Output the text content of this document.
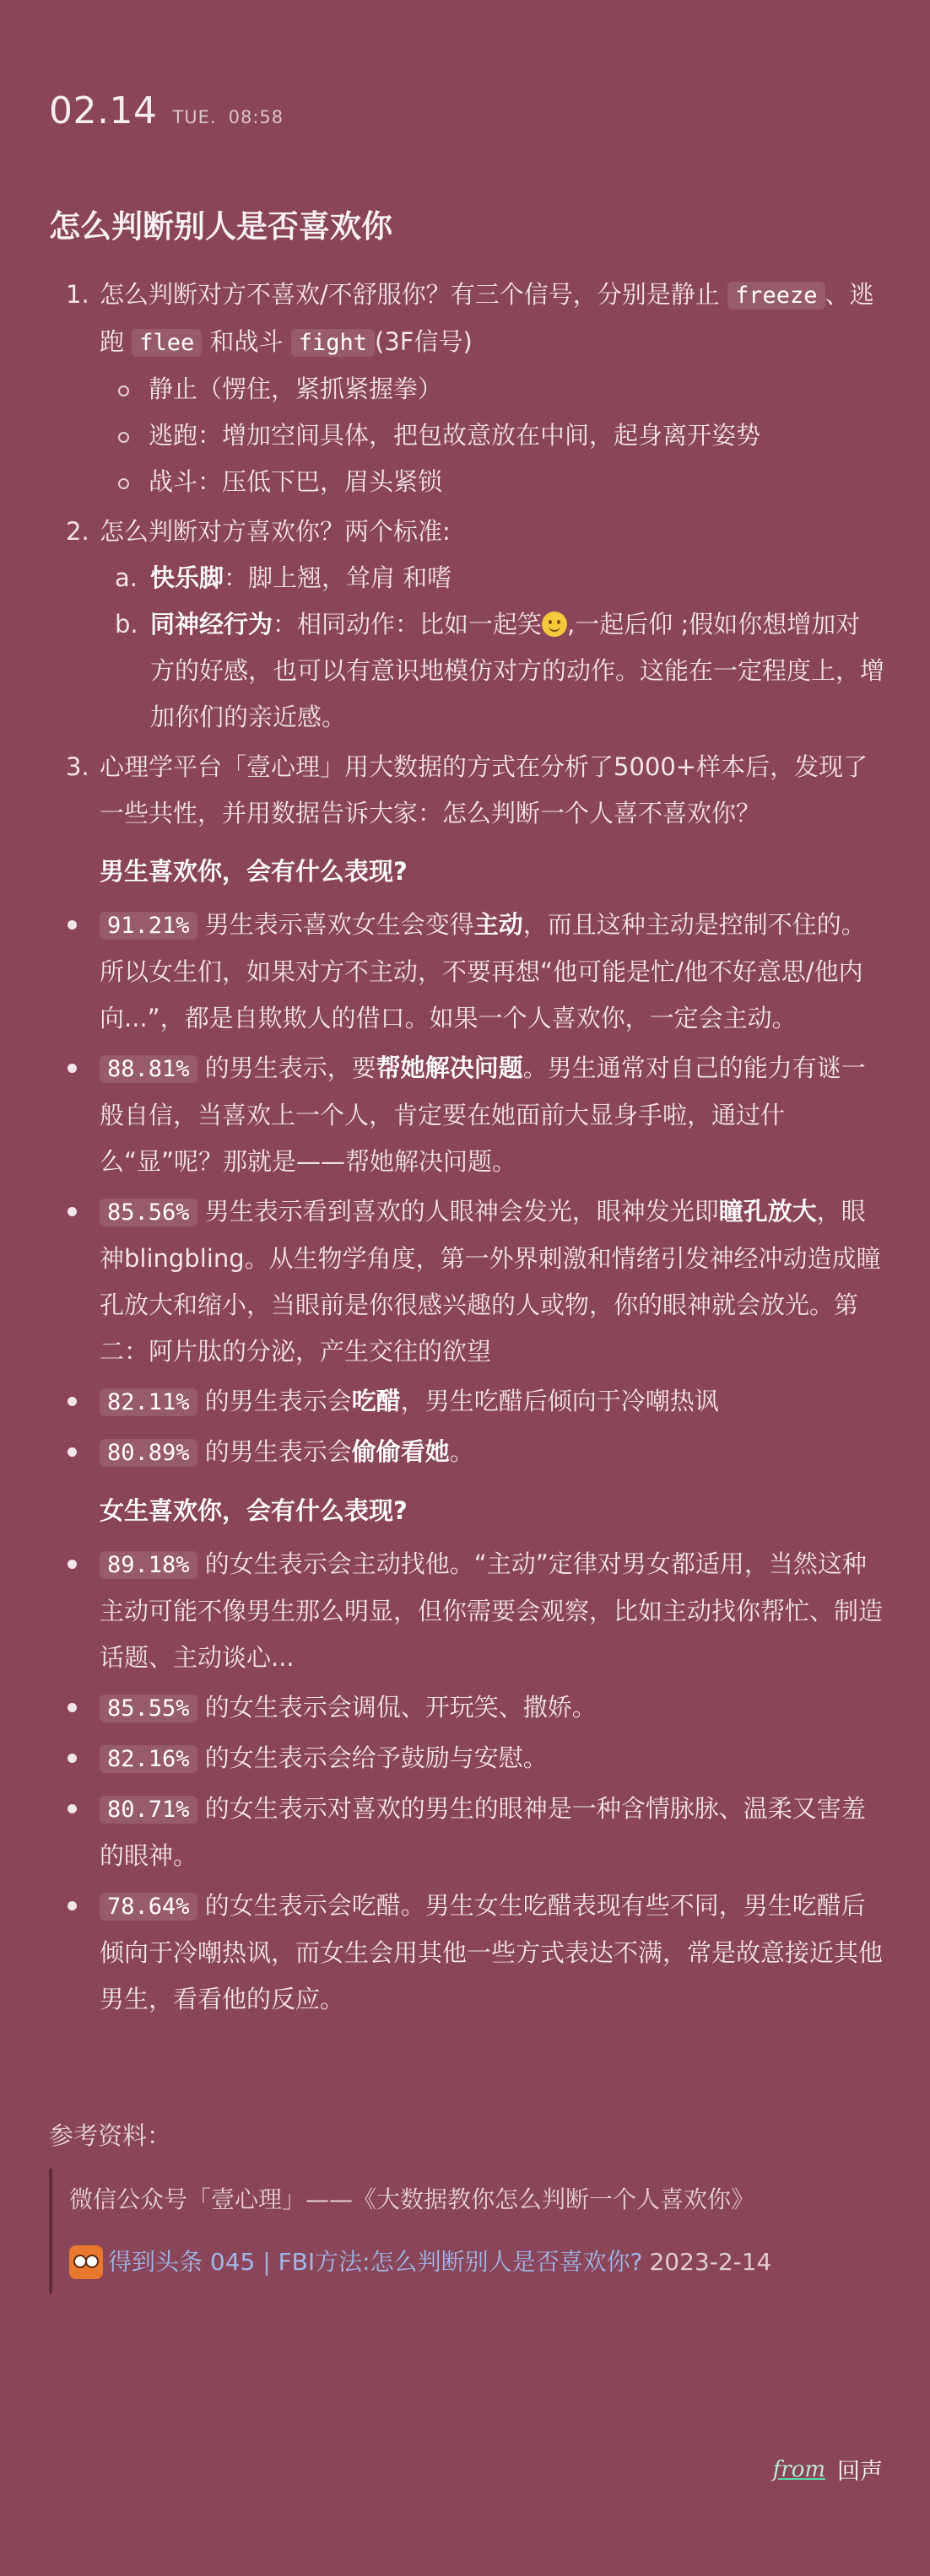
02.14 TUE. 08:58
怎么判断别人是否喜欢你
1. 怎么判断对方不喜欢/不舒服你？有三个信号，分别是静止 freeze 、逃跑 flee 和战斗 fight (3F信号)
静止（愣住，紧抓紧握拳）
逃跑：增加空间具体，把包故意放在中间，起身离开姿势
战斗：压低下巴，眉头紧锁
2. 怎么判断对方喜欢你？两个标准:
a. 快乐脚：脚上翘，耸肩 和嗜
b. 同神经行为：相同动作：比如一起笑 ,一起后仰 ;假如你想增加对方的好感，也可以有意识地模仿对方的动作。这能在一定程度上，增加你们的亲近感。
3. 心理学平台「壹心理」用大数据的方式在分析了5000+样本后，发现了一些共性，并用数据告诉大家：怎么判断一个人喜不喜欢你？
男生喜欢你，会有什么表现?
91.21% 男生表示喜欢女生会变得主动，而且这种主动是控制不住的。所以女生们，如果对方不主动，不要再想“他可能是忙/他不好意思/他内向...”，都是自欺欺人的借口。如果一个人喜欢你，一定会主动。
88.81% 的男生表示，要帮她解决问题。男生通常对自己的能力有谜一般自信，当喜欢上一个人，肯定要在她面前大显身手啦，通过什么“显”呢？那就是——帮她解决问题。
85.56% 男生表示看到喜欢的人眼神会发光，眼神发光即瞳孔放大，眼神blingbling。从生物学角度，第一外界刺激和情绪引发神经冲动造成瞳孔放大和缩小，当眼前是你很感兴趣的人或物，你的眼神就会放光。第二：阿片肽的分泌，产生交往的欲望
82.11% 的男生表示会吃醋，男生吃醋后倾向于冷嘲热讽
80.89% 的男生表示会偷偷看她。
女生喜欢你，会有什么表现?
89.18% 的女生表示会主动找他。“主动”定律对男女都适用，当然这种主动可能不像男生那么明显，但你需要会观察，比如主动找你帮忙、制造话题、主动谈心...
85.55% 的女生表示会调侃、开玩笑、撒娇。
82.16% 的女生表示会给予鼓励与安慰。
80.71% 的女生表示对喜欢的男生的眼神是一种含情脉脉、温柔又害羞的眼神。
78.64% 的女生表示会吃醋。男生女生吃醋表现有些不同，男生吃醋后倾向于冷嘲热讽，而女生会用其他一些方式表达不满，常是故意接近其他男生，看看他的反应。
参考资料：
微信公众号「壹心理」——《大数据教你怎么判断一个人喜欢你》
得到头条 045 | FBI方法:怎么判断别人是否喜欢你? 2023-2-14
from 回声
